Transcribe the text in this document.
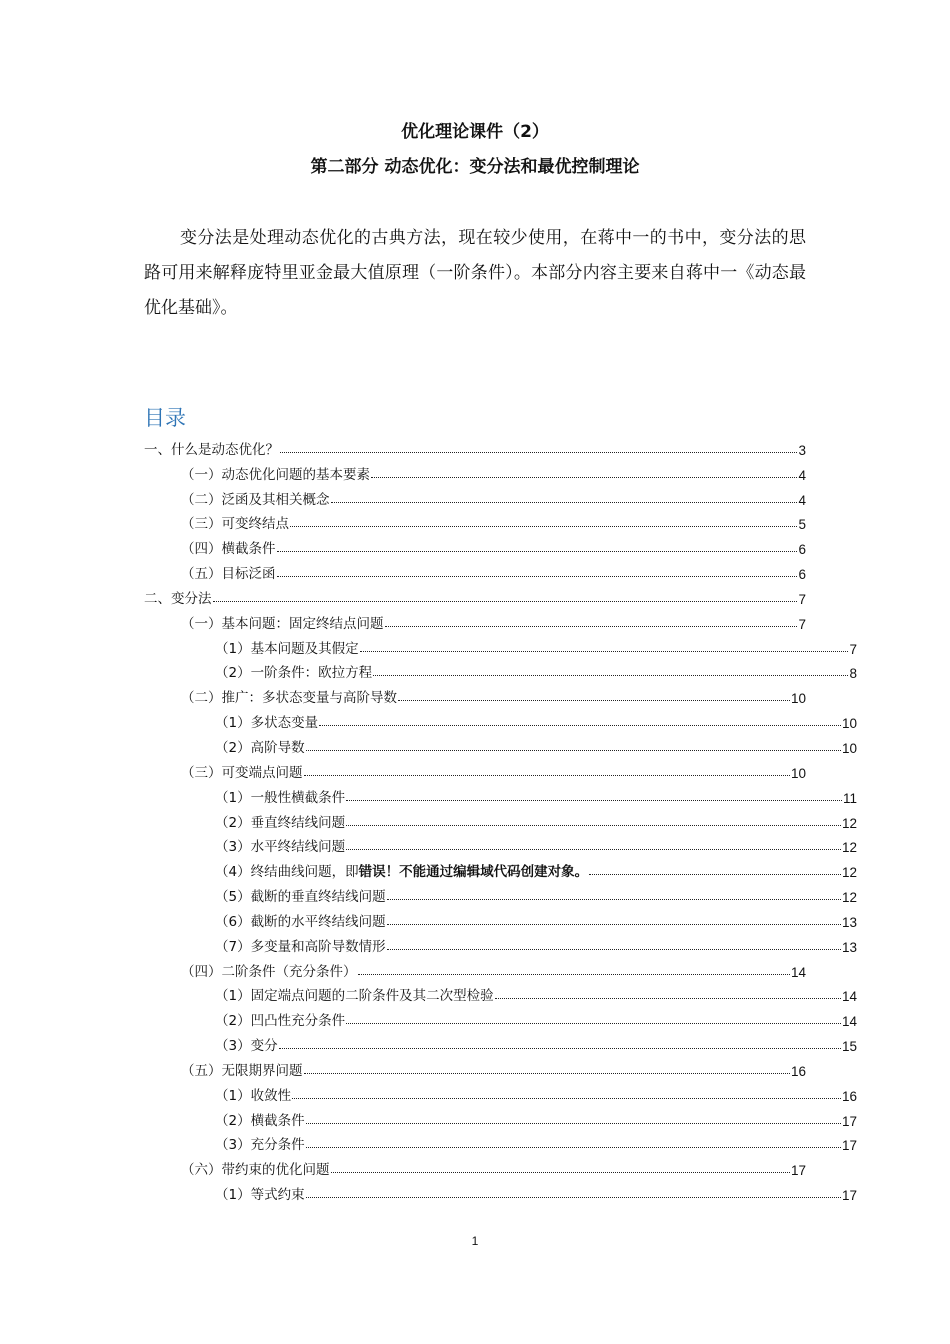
优化理论课件（2）
第二部分 动态优化：变分法和最优控制理论
变分法是处理动态优化的古典方法，现在较少使用，在蒋中一的书中，变分法的思路可用来解释庞特里亚金最大值原理（一阶条件）。本部分内容主要来自蒋中一《动态最优化基础》。
目录
一、什么是动态优化？	3
（一）动态优化问题的基本要素	4
（二）泛函及其相关概念	4
（三）可变终结点	5
（四）横截条件	6
（五）目标泛函	6
二、变分法	7
（一）基本问题：固定终结点问题	7
（1）基本问题及其假定	7
（2）一阶条件：欧拉方程	8
（二）推广：多状态变量与高阶导数	10
（1）多状态变量	10
（2）高阶导数	10
（三）可变端点问题	10
（1）一般性横截条件	11
（2）垂直终结线问题	12
（3）水平终结线问题	12
（4）终结曲线问题，即 错误！不能通过编辑域代码创建对象。	12
（5）截断的垂直终结线问题	12
（6）截断的水平终结线问题	13
（7）多变量和高阶导数情形	13
（四）二阶条件（充分条件）	14
（1）固定端点问题的二阶条件及其二次型检验	14
（2）凹凸性充分条件	14
（3）变分	15
（五）无限期界问题	16
（1）收敛性	16
（2）横截条件	17
（3）充分条件	17
（六）带约束的优化问题	17
（1）等式约束	17
1
